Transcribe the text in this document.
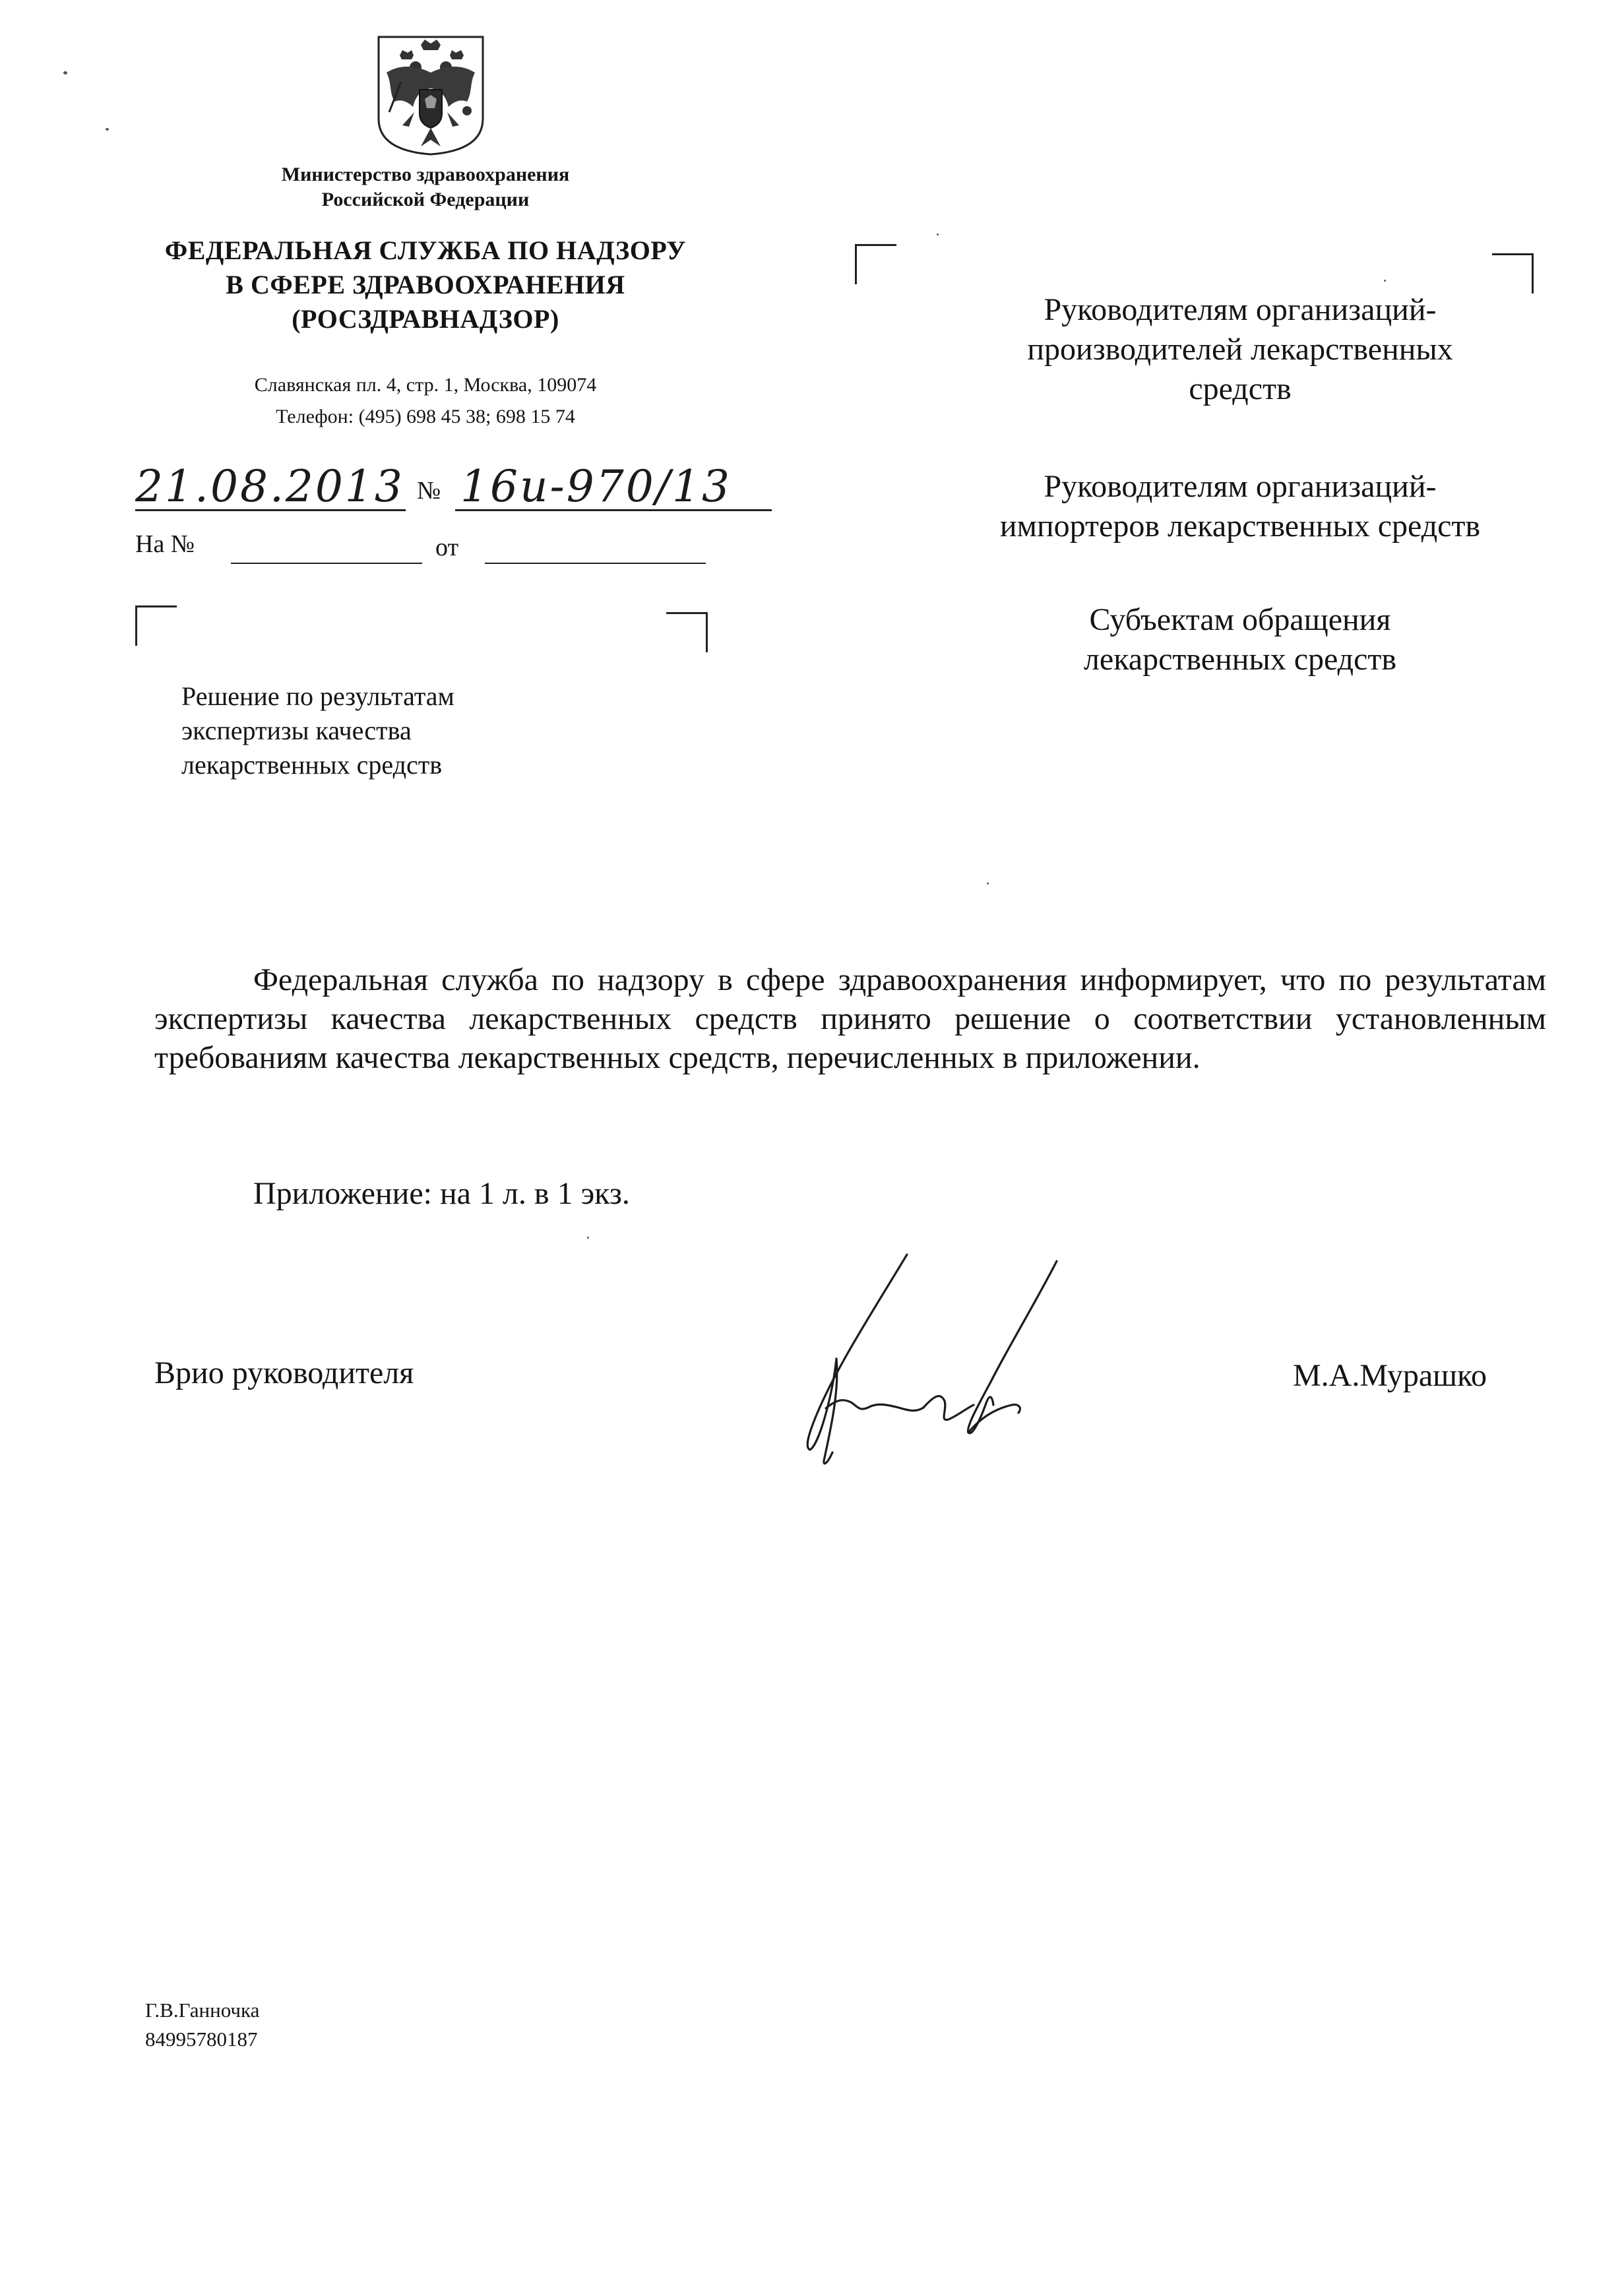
Министерство здравоохранения
Российской Федерации
ФЕДЕРАЛЬНАЯ СЛУЖБА ПО НАДЗОРУ
В СФЕРЕ ЗДРАВООХРАНЕНИЯ
(РОСЗДРАВНАДЗОР)
Славянская пл. 4, стр. 1, Москва, 109074
Телефон: (495) 698 45 38; 698 15 74
21.08.2013 № 16и-970/13
На №	от
Решение по результатам
экспертизы качества
лекарственных средств
Руководителям организаций-
производителей лекарственных
средств
Руководителям организаций-
импортеров лекарственных средств
Субъектам обращения
лекарственных средств
Федеральная служба по надзору в сфере здравоохранения информирует, что по результатам экспертизы качества лекарственных средств принято решение о соответствии установленным требованиям качества лекарственных средств, перечисленных в приложении.
Приложение: на 1 л. в 1 экз.
Врио руководителя	М.А.Мурашко
Г.В.Ганночка
84995780187
